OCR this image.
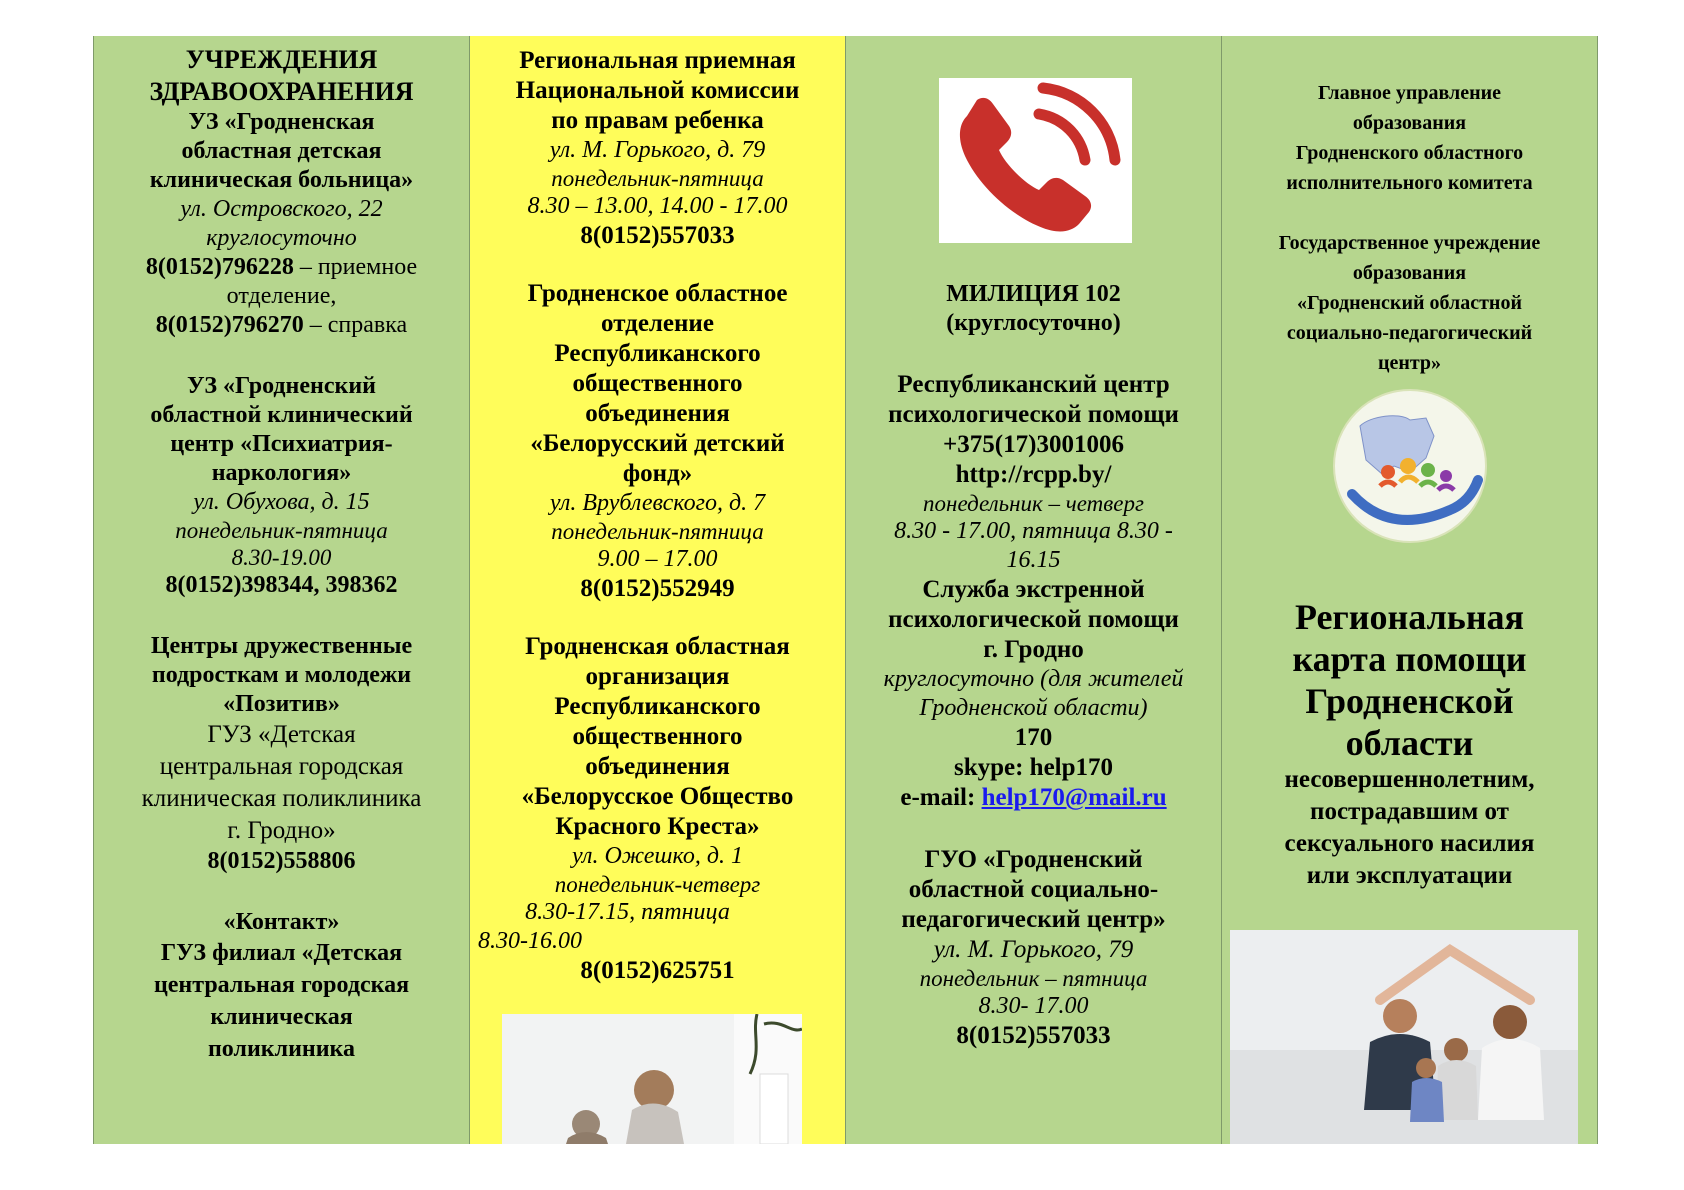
УЧРЕЖДЕНИЯ
ЗДРАВООХРАНЕНИЯ
УЗ «Гродненская
областная детская
клиническая больница»
ул. Островского, 22
круглосуточно
8(0152)796228 – приемное
отделение,
8(0152)796270 – справка
УЗ «Гродненский
областной клинический
центр «Психиатрия-
наркология»
ул. Обухова, д. 15
понедельник-пятница
8.30-19.00
8(0152)398344, 398362
Центры дружественные
подросткам и молодежи
«Позитив»
ГУЗ «Детская
центральная городская
клиническая поликлиника
г. Гродно»
8(0152)558806
«Контакт»
ГУЗ филиал «Детская
центральная городская
клиническая
поликлиника
Региональная приемная
Национальной комиссии
по правам ребенка
ул. М. Горького, д. 79
понедельник-пятница
8.30 – 13.00, 14.00 - 17.00
8(0152)557033
Гродненское областное
отделение
Республиканского
общественного
объединения
«Белорусский детский
фонд»
ул. Врублевского, д. 7
понедельник-пятница
9.00 – 17.00
8(0152)552949
Гродненская областная
организация
Республиканского
общественного
объединения
«Белорусское Общество
Красного Креста»
ул. Ожешко, д. 1
понедельник-четверг
8.30-17.15, пятница
8.30-16.00
8(0152)625751
МИЛИЦИЯ 102
(круглосуточно)
Республиканский центр
психологической помощи
+375(17)3001006
http://rcpp.by/
понедельник – четверг
8.30 - 17.00, пятница 8.30 -
16.15
Служба экстренной
психологической помощи
г. Гродно
круглосуточно (для жителей
Гродненской области)
170
skype: help170
e-mail: help170@mail.ru
ГУО «Гродненский
областной социально-
педагогический центр»
ул. М. Горького, 79
понедельник – пятница
8.30- 17.00
8(0152)557033
Главное управление
образования
Гродненского областного
исполнительного комитета
Государственное учреждение
образования
«Гродненский областной
социально-педагогический
центр»
Региональная
карта помощи
Гродненской
области
несовершеннолетним,
пострадавшим от
сексуального насилия
или эксплуатации
